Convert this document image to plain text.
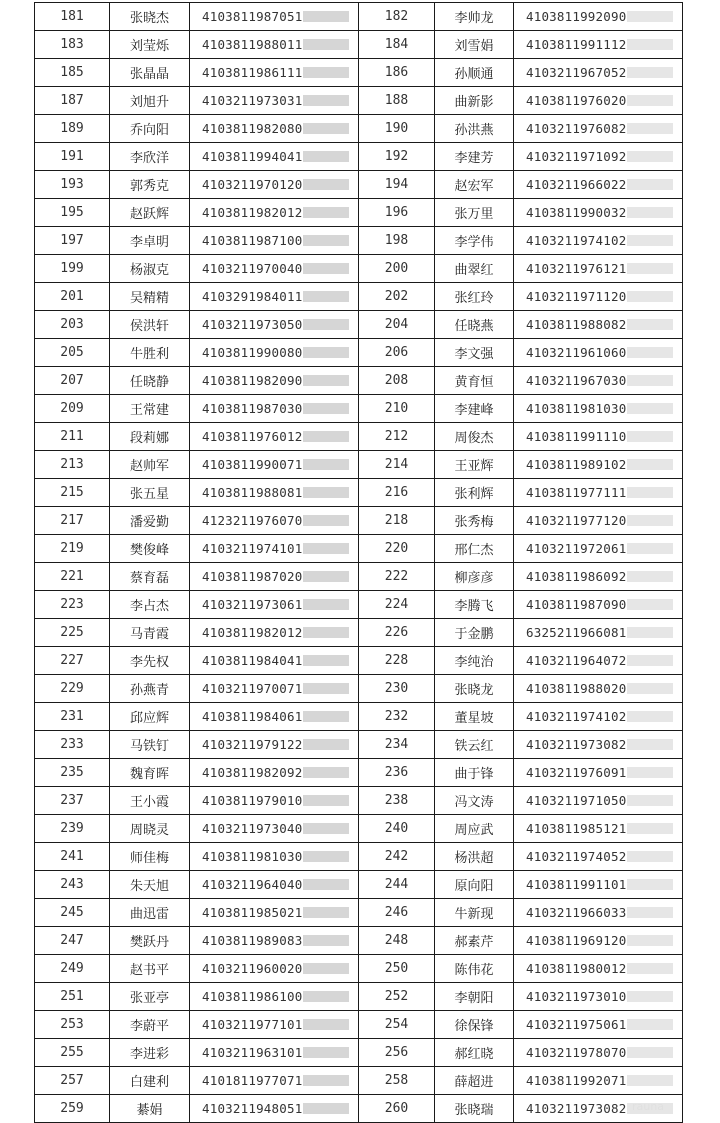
181	张晓杰	4103811987051	182	李帅龙	4103811992090

183	刘莹烁	4103811988011	184	刘雪娟	4103811991112

185	张晶晶	4103811986111	186	孙顺通	4103211967052

187	刘旭升	4103211973031	188	曲新影	4103811976020

189	乔向阳	4103811982080	190	孙洪燕	4103211976082

191	李欣洋	4103811994041	192	李建芳	4103211971092

193	郭秀克	4103211970120	194	赵宏军	4103211966022

195	赵跃辉	4103811982012	196	张万里	4103811990032

197	李卓明	4103811987100	198	李学伟	4103211974102

199	杨淑克	4103211970040	200	曲翠红	4103211976121

201	吴精精	4103291984011	202	张红玲	4103211971120

203	侯洪轩	4103211973050	204	任晓燕	4103811988082

205	牛胜利	4103811990080	206	李文强	4103211961060

207	任晓静	4103811982090	208	黄育恒	4103211967030

209	王常建	4103811987030	210	李建峰	4103811981030

211	段莉娜	4103811976012	212	周俊杰	4103811991110

213	赵帅军	4103811990071	214	王亚辉	4103811989102

215	张五星	4103811988081	216	张利辉	4103811977111

217	潘爱勤	4123211976070	218	张秀梅	4103211977120

219	樊俊峰	4103211974101	220	邢仁杰	4103211972061

221	蔡育磊	4103811987020	222	柳彦彦	4103811986092

223	李占杰	4103211973061	224	李腾飞	4103811987090

225	马青霞	4103811982012	226	于金鹏	6325211966081

227	李先权	4103811984041	228	李纯治	4103211964072

229	孙燕青	4103211970071	230	张晓龙	4103811988020

231	邱应辉	4103811984061	232	董星坡	4103211974102

233	马铁钉	4103211979122	234	铁云红	4103211973082

235	魏育晖	4103811982092	236	曲于锋	4103211976091

237	王小霞	4103811979010	238	冯文涛	4103211971050

239	周晓灵	4103211973040	240	周应武	4103811985121

241	师佳梅	4103811981030	242	杨洪超	4103211974052

243	朱天旭	4103211964040	244	原向阳	4103811991101

245	曲迅雷	4103811985021	246	牛新现	4103211966033

247	樊跃丹	4103811989083	248	郝素芹	4103811969120

249	赵书平	4103211960020	250	陈伟花	4103811980012

251	张亚亭	4103811986100	252	李朝阳	4103211973010

253	李蔚平	4103211977101	254	徐保锋	4103211975061

255	李进彩	4103211963101	256	郝红晓	4103211978070

257	白建利	4101811977071	258	薛超进	4103811992071

259	綦娟	4103211948051	260	张晓瑞	4103211973082 rauna
